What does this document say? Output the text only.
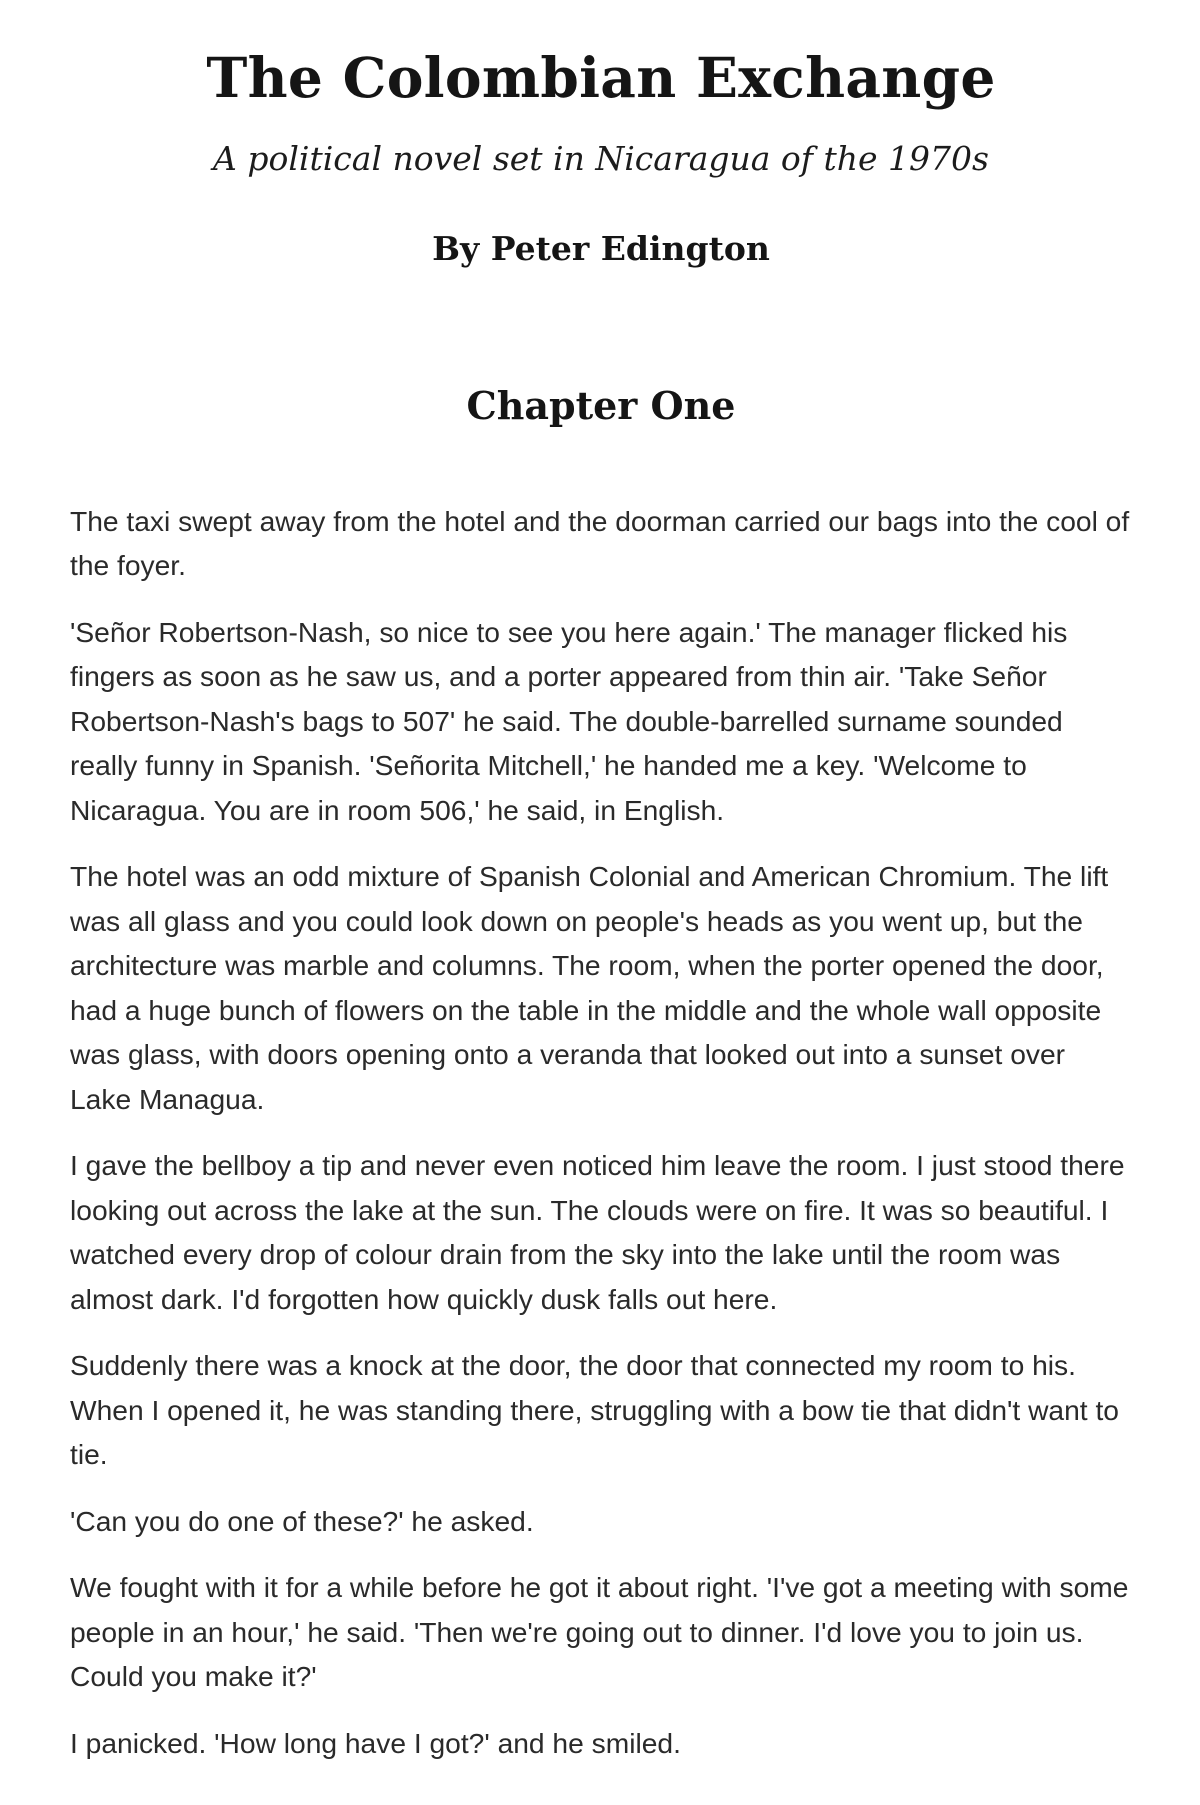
The Colombian Exchange
A political novel set in Nicaragua of the 1970s
By Peter Edington
Chapter One

The taxi swept away from the hotel and the doorman carried our bags into the cool of the foyer.

'Señor Robertson-Nash, so nice to see you here again.' The manager flicked his fingers as soon as he saw us, and a porter appeared from thin air. 'Take Señor Robertson-Nash's bags to 507' he said. The double-barrelled surname sounded really funny in Spanish. 'Señorita Mitchell,' he handed me a key. 'Welcome to Nicaragua. You are in room 506,' he said, in English.

The hotel was an odd mixture of Spanish Colonial and American Chromium. The lift was all glass and you could look down on people's heads as you went up, but the architecture was marble and columns. The room, when the porter opened the door, had a huge bunch of flowers on the table in the middle and the whole wall opposite was glass, with doors opening onto a veranda that looked out into a sunset over Lake Managua.

I gave the bellboy a tip and never even noticed him leave the room. I just stood there looking out across the lake at the sun. The clouds were on fire. It was so beautiful. I watched every drop of colour drain from the sky into the lake until the room was almost dark. I'd forgotten how quickly dusk falls out here.

Suddenly there was a knock at the door, the door that connected my room to his. When I opened it, he was standing there, struggling with a bow tie that didn't want to tie.

'Can you do one of these?' he asked.

We fought with it for a while before he got it about right. 'I've got a meeting with some people in an hour,' he said. 'Then we're going out to dinner. I'd love you to join us. Could you make it?'

I panicked. 'How long have I got?' and he smiled.
